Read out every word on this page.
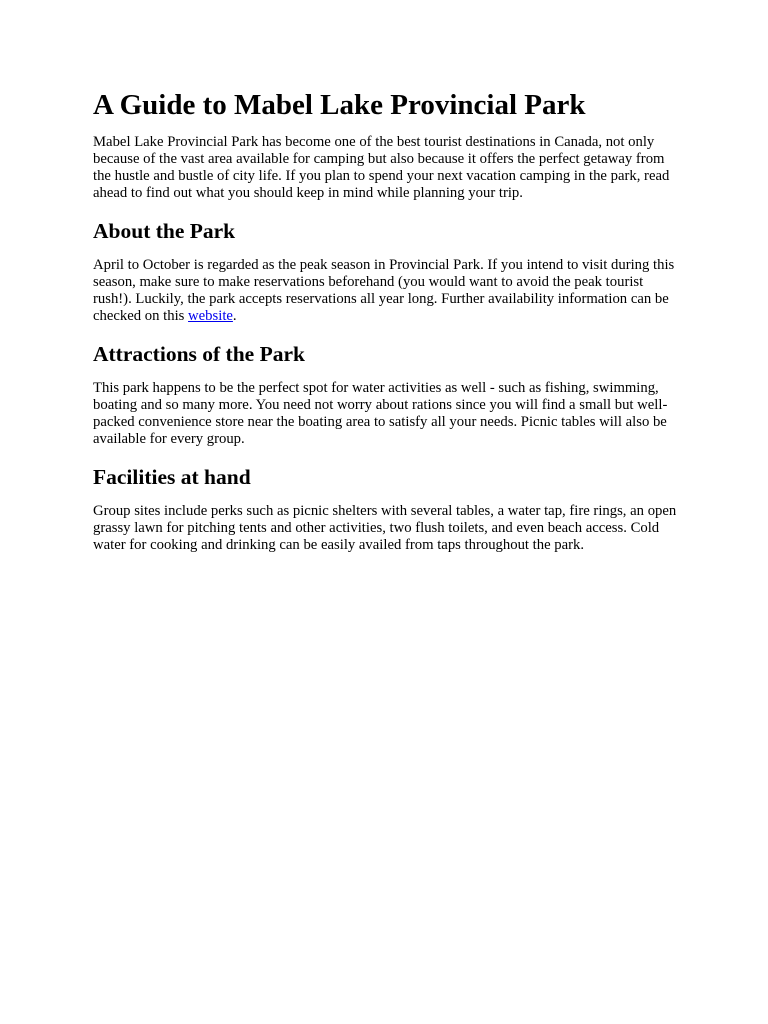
A Guide to Mabel Lake Provincial Park

Mabel Lake Provincial Park has become one of the best tourist destinations in Canada, not only because of the vast area available for camping but also because it offers the perfect getaway from the hustle and bustle of city life. If you plan to spend your next vacation camping in the park, read ahead to find out what you should keep in mind while planning your trip.

About the Park

April to October is regarded as the peak season in Provincial Park. If you intend to visit during this season, make sure to make reservations beforehand (you would want to avoid the peak tourist rush!). Luckily, the park accepts reservations all year long. Further availability information can be checked on this website.

Attractions of the Park

This park happens to be the perfect spot for water activities as well - such as fishing, swimming, boating and so many more. You need not worry about rations since you will find a small but well-packed convenience store near the boating area to satisfy all your needs. Picnic tables will also be available for every group.

Facilities at hand

Group sites include perks such as picnic shelters with several tables, a water tap, fire rings, an open grassy lawn for pitching tents and other activities, two flush toilets, and even beach access. Cold water for cooking and drinking can be easily availed from taps throughout the park.
